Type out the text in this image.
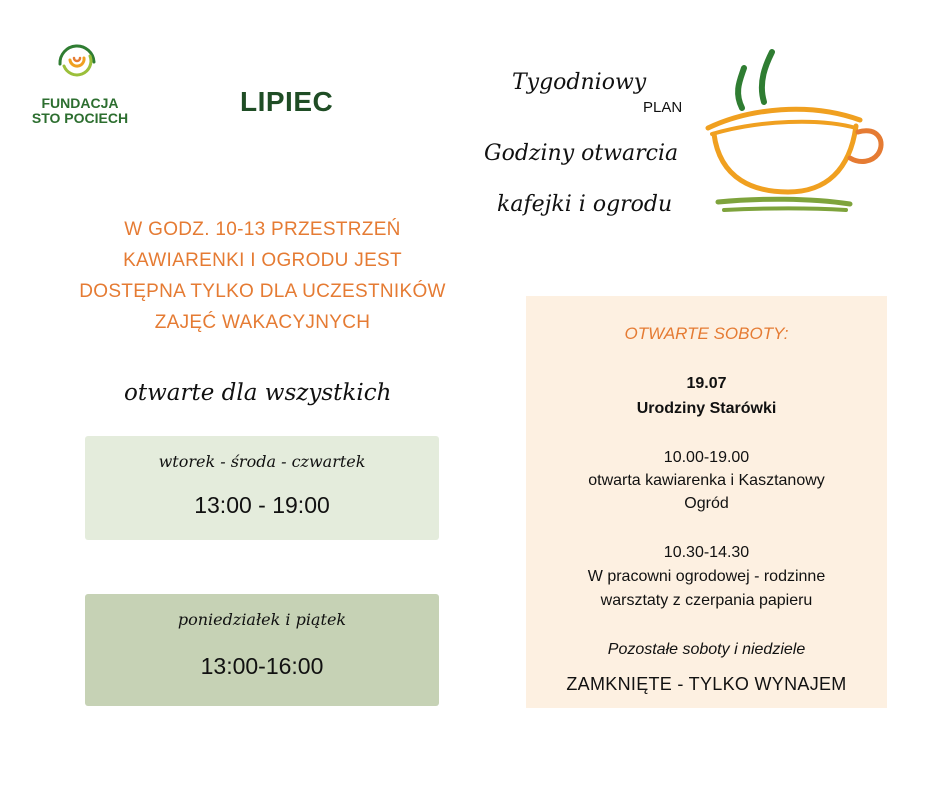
FUNDACJA
STO POCIECH
LIPIEC
Tygodniowy
PLAN
Godziny otwarcia
kafejki i ogrodu
W GODZ. 10-13 PRZESTRZEŃ
KAWIARENKI I OGRODU JEST
DOSTĘPNA TYLKO DLA UCZESTNIKÓW
ZAJĘĆ WAKACYJNYCH
otwarte dla wszystkich
wtorek - środa - czwartek
13:00 - 19:00
poniedziałek i piątek
13:00-16:00
OTWARTE SOBOTY:
19.07
Urodziny Starówki
10.00-19.00
otwarta kawiarenka i Kasztanowy
Ogród
10.30-14.30
W pracowni ogrodowej - rodzinne
warsztaty z czerpania papieru
Pozostałe soboty i niedziele
ZAMKNIĘTE - TYLKO WYNAJEM
